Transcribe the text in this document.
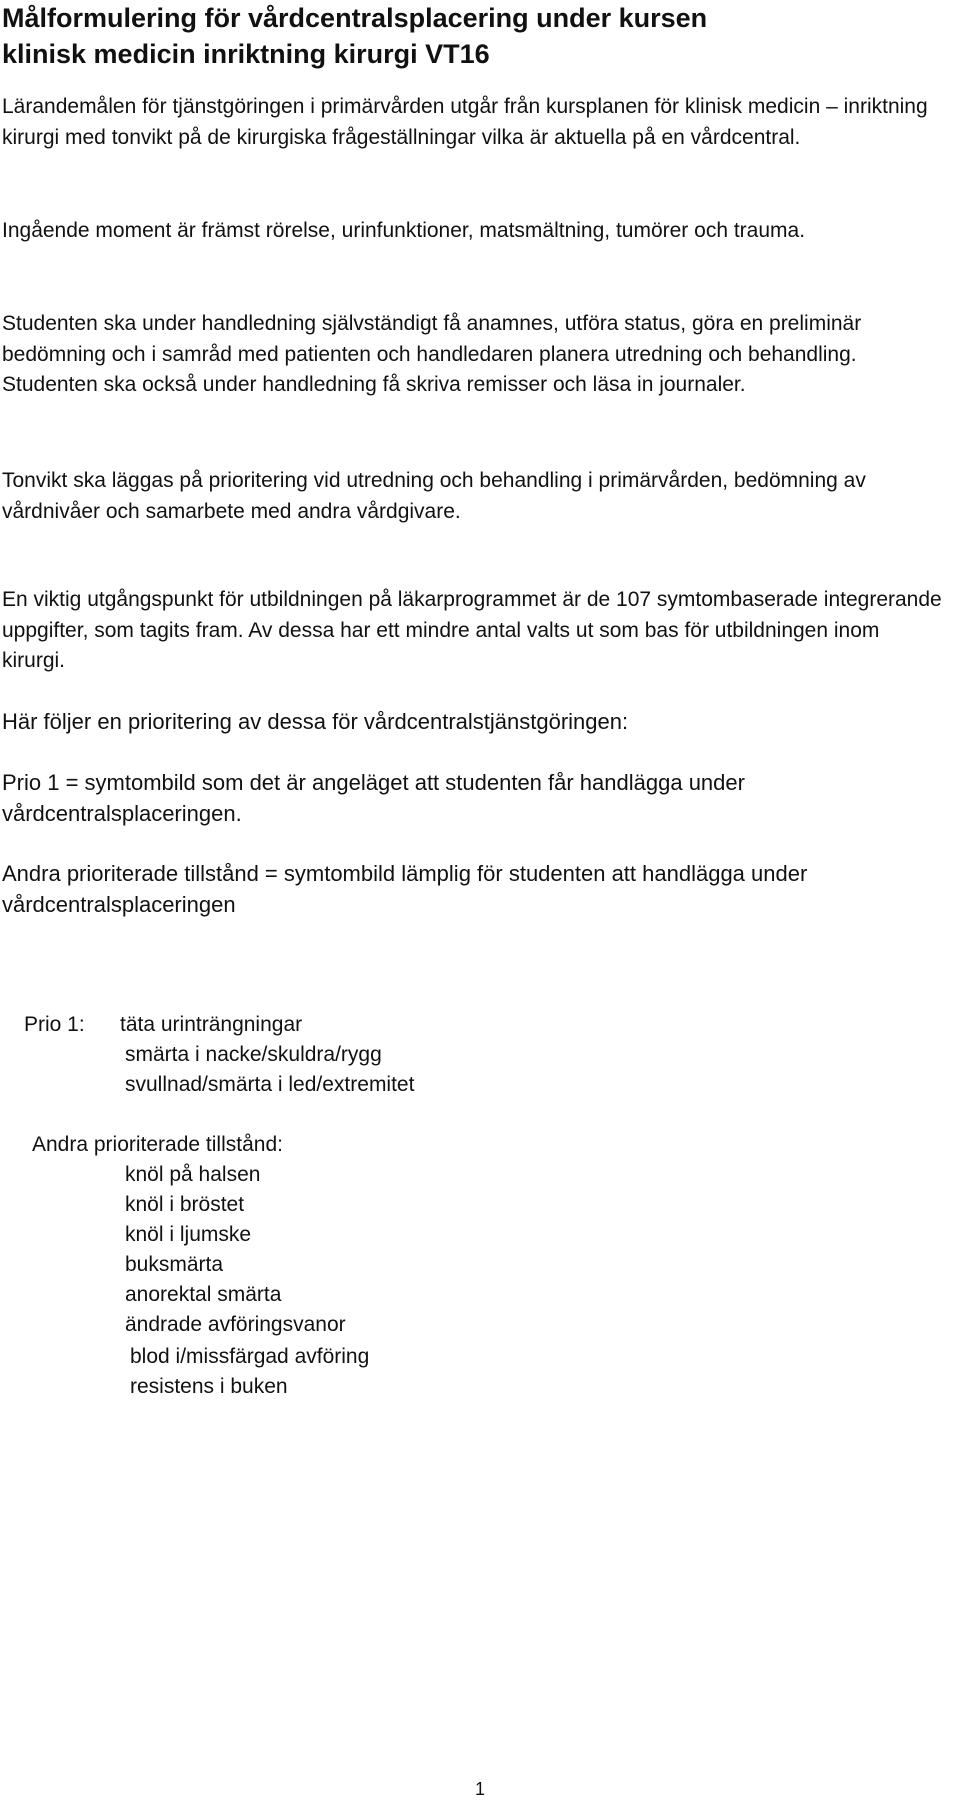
Målformulering för vårdcentralsplacering under kursen
klinisk medicin inriktning kirurgi VT16

Lärandemålen för tjänstgöringen i primärvården utgår från kursplanen för klinisk medicin – inriktning kirurgi med tonvikt på de kirurgiska frågeställningar vilka är aktuella på en vårdcentral.

Ingående moment är främst rörelse, urinfunktioner, matsmältning, tumörer och trauma.

Studenten ska under handledning självständigt få anamnes, utföra status, göra en preliminär bedömning och i samråd med patienten och handledaren planera utredning och behandling. Studenten ska också under handledning få skriva remisser och läsa in journaler.

Tonvikt ska läggas på prioritering vid utredning och behandling i primärvården, bedömning av vårdnivåer och samarbete med andra vårdgivare.

En viktig utgångspunkt för utbildningen på läkarprogrammet är de 107 symtombaserade integrerande uppgifter, som tagits fram. Av dessa har ett mindre antal valts ut som bas för utbildningen inom kirurgi.

Här följer en prioritering av dessa för vårdcentralstjänstgöringen:

Prio 1 = symtombild som det är angeläget att studenten får handlägga under vårdcentralsplaceringen.

Andra prioriterade tillstånd = symtombild lämplig för studenten att handlägga under vårdcentralsplaceringen

Prio 1: täta urinträngningar
smärta i nacke/skuldra/rygg
svullnad/smärta i led/extremitet
Andra prioriterade tillstånd:
knöl på halsen
knöl i bröstet
knöl i ljumske
buksmärta
anorektal smärta
ändrade avföringsvanor
blod i/missfärgad avföring
resistens i buken
1
